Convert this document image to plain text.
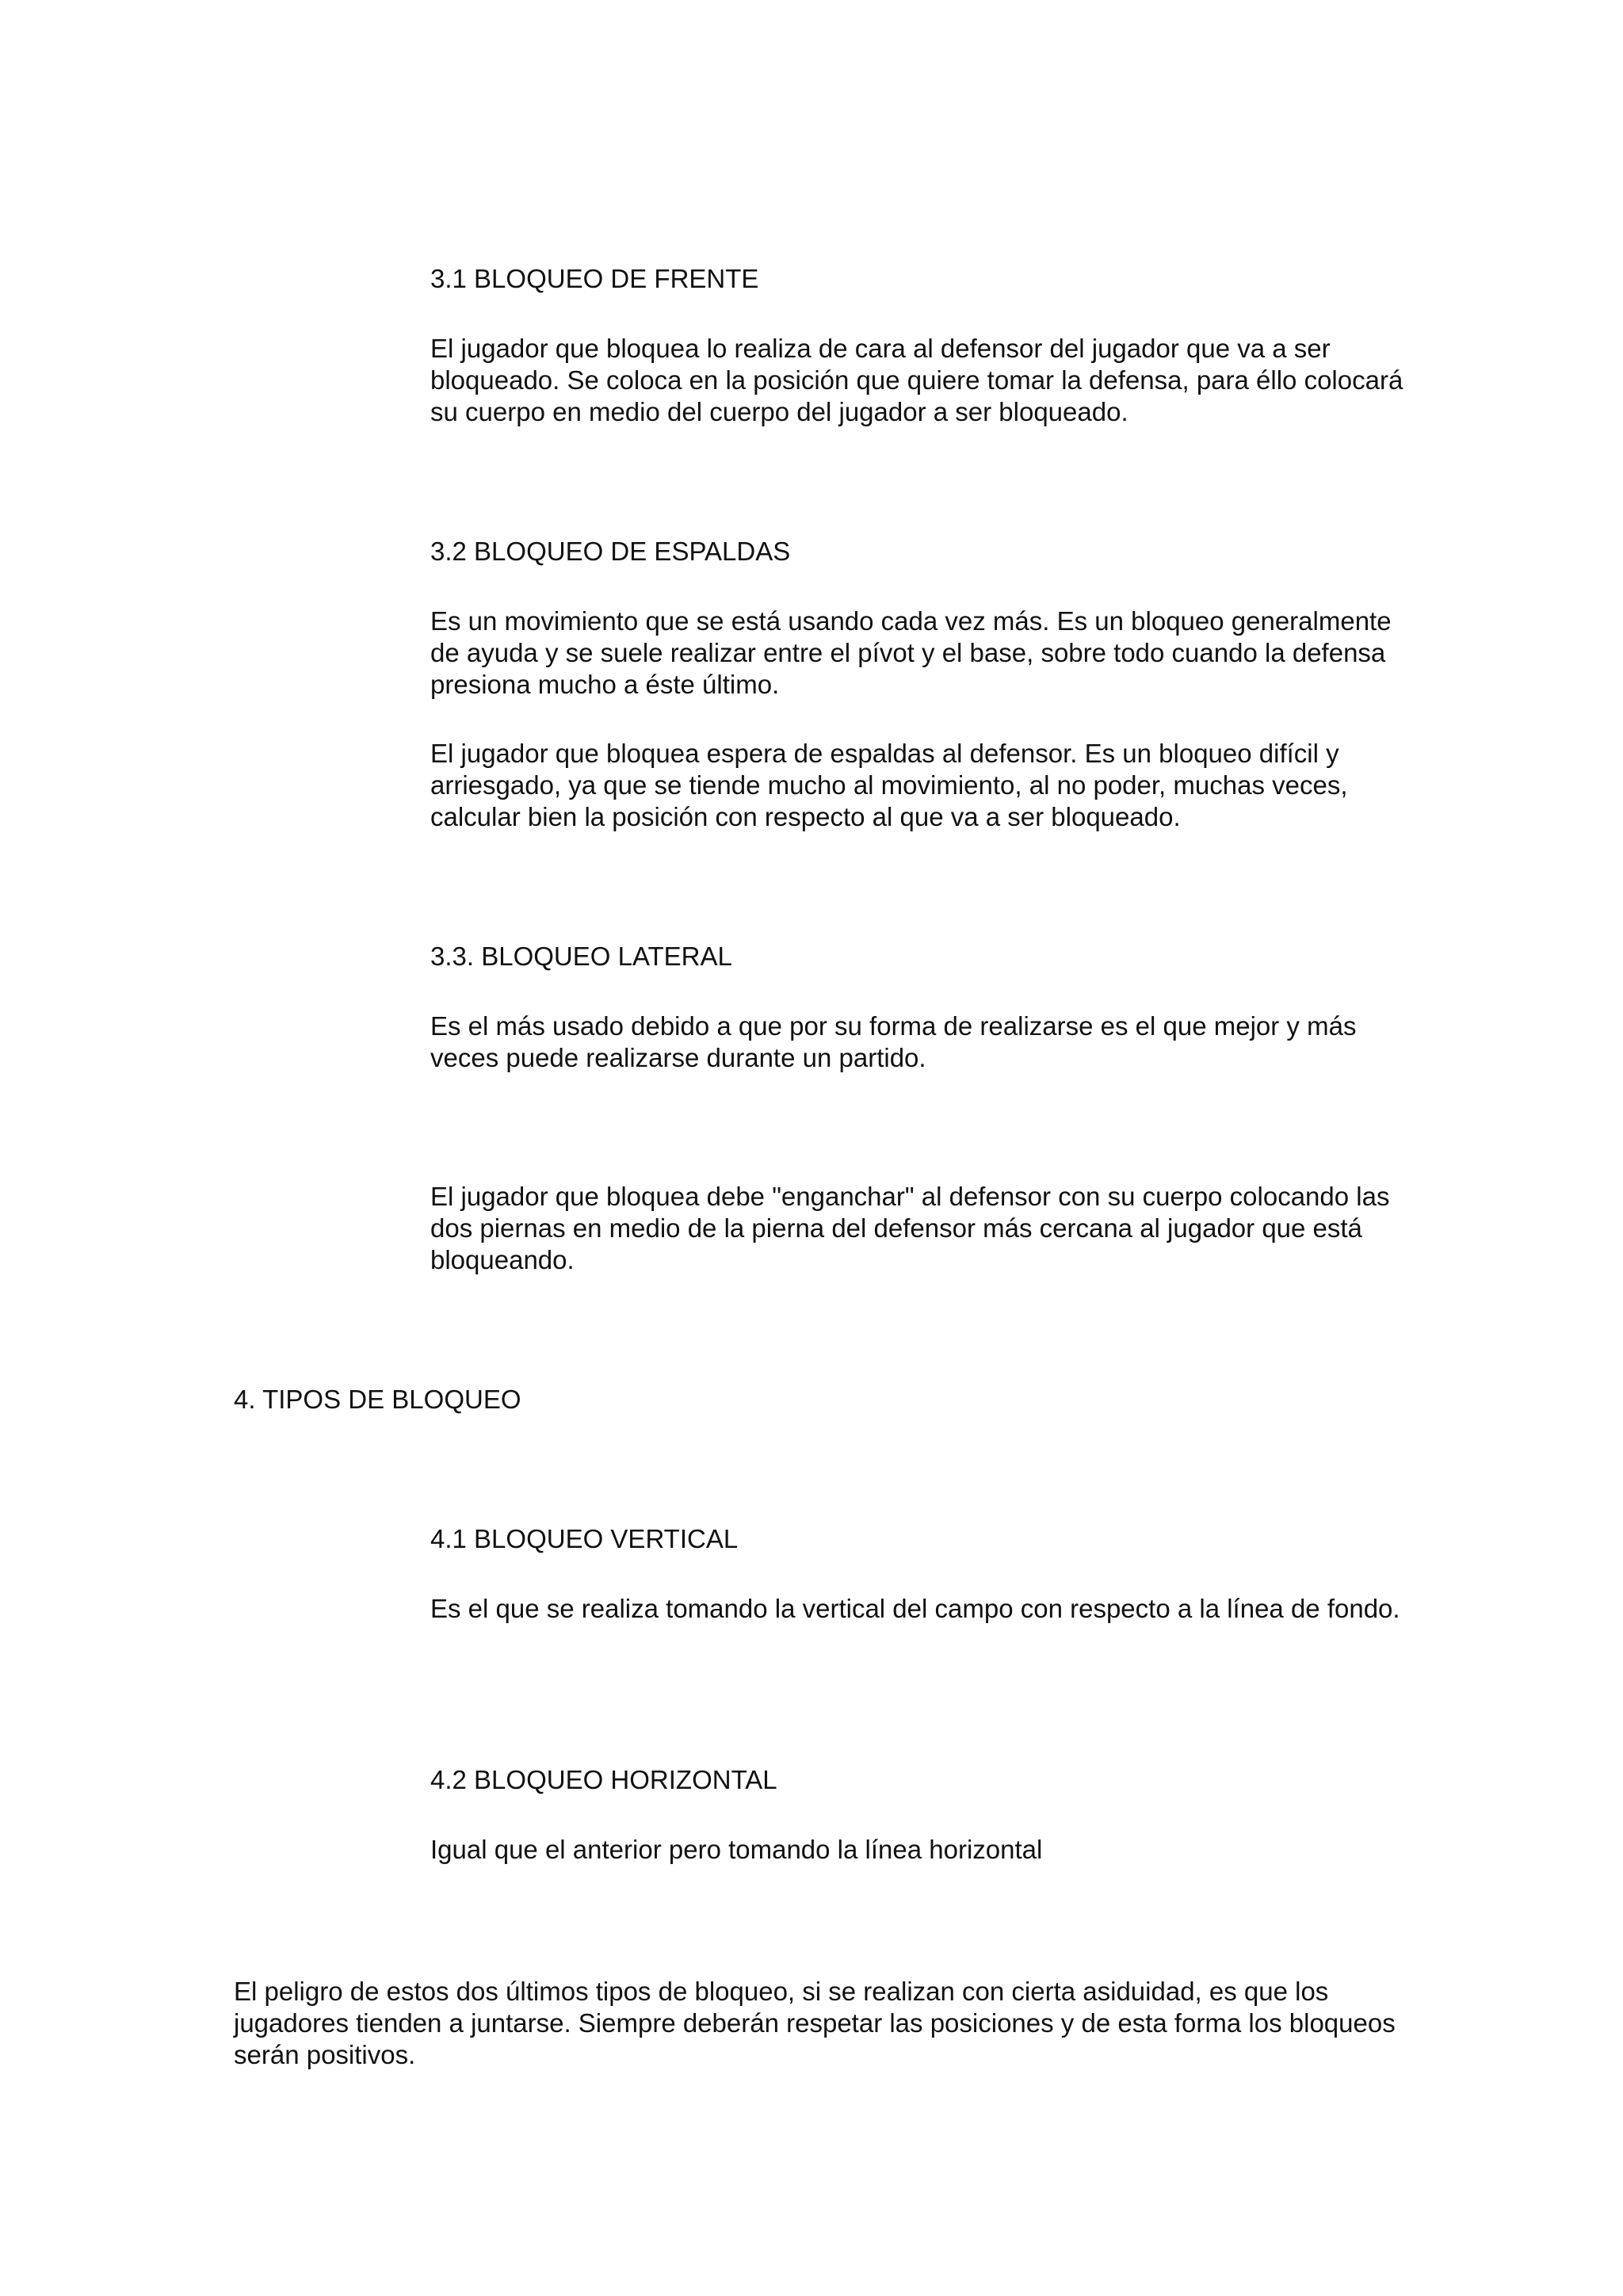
3.1 BLOQUEO DE FRENTE

El jugador que bloquea lo realiza de cara al defensor del jugador que va a ser bloqueado. Se coloca en la posición que quiere tomar la defensa, para éllo colocará su cuerpo en medio del cuerpo del jugador a ser bloqueado.

3.2 BLOQUEO DE ESPALDAS

Es un movimiento que se está usando cada vez más. Es un bloqueo generalmente de ayuda y se suele realizar entre el pívot y el base, sobre todo cuando la defensa presiona mucho a éste último.

El jugador que bloquea espera de espaldas al defensor. Es un bloqueo difícil y arriesgado, ya que se tiende mucho al movimiento, al no poder, muchas veces, calcular bien la posición con respecto al que va a ser bloqueado.

3.3. BLOQUEO LATERAL

Es el más usado debido a que por su forma de realizarse es el que mejor y más veces puede realizarse durante un partido.

El jugador que bloquea debe "enganchar" al defensor con su cuerpo colocando las dos piernas en medio de la pierna del defensor más cercana al jugador que está bloqueando.

4. TIPOS DE BLOQUEO
4.1 BLOQUEO VERTICAL

Es el que se realiza tomando la vertical del campo con respecto a la línea de fondo.

4.2 BLOQUEO HORIZONTAL

Igual que el anterior pero tomando la línea horizontal

El peligro de estos dos últimos tipos de bloqueo, si se realizan con cierta asiduidad, es que los jugadores tienden a juntarse. Siempre deberán respetar las posiciones y de esta forma los bloqueos serán positivos.
